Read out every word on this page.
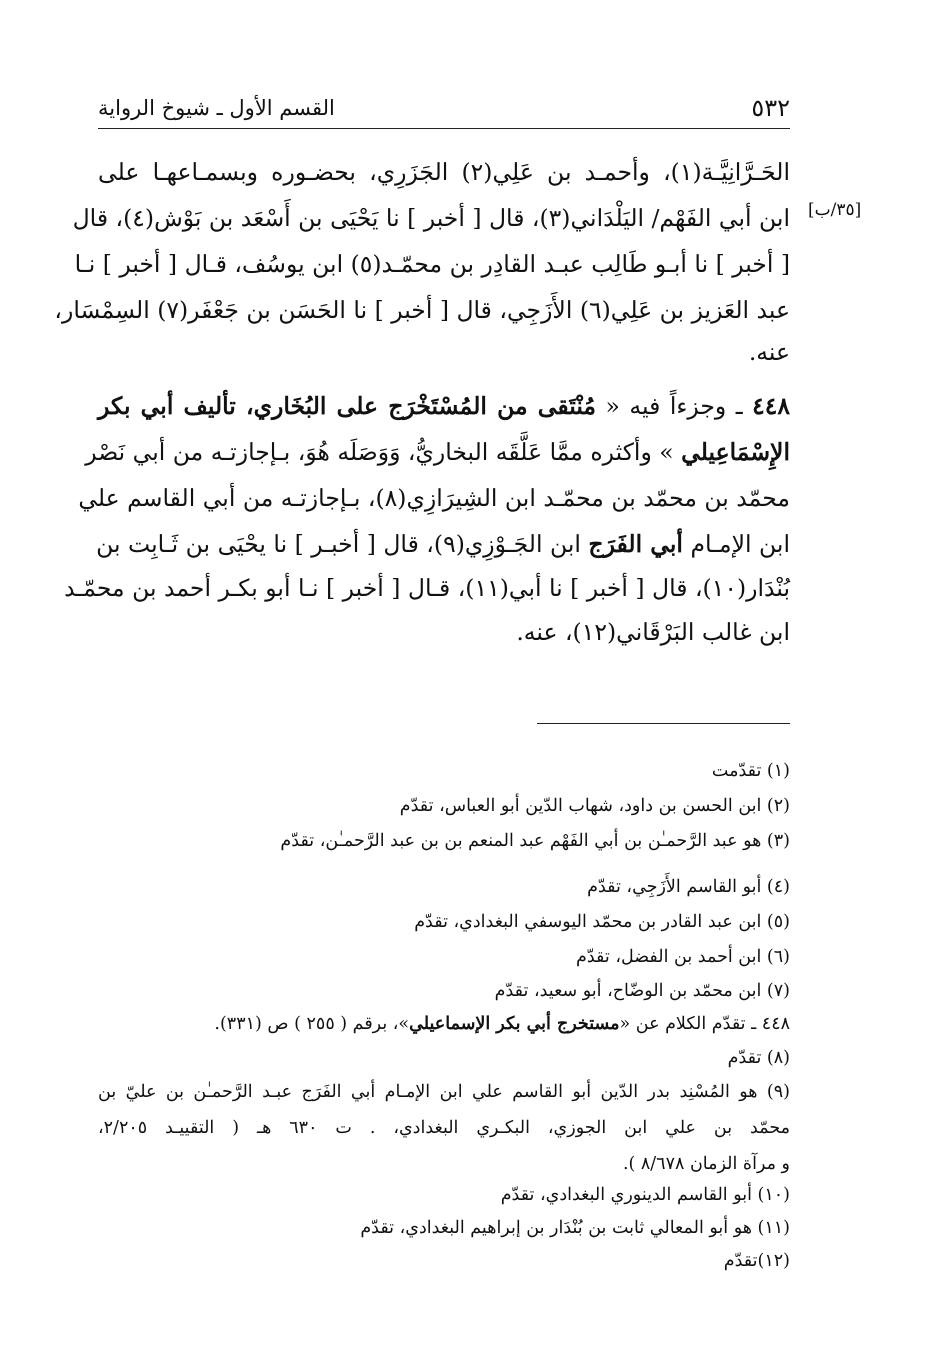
٥٣٢
القسم الأول ـ شيوخ الرواية
[٣٥/ب]
الحَـرَّانِيَّـة(١)، وأحمـد بن عَلِي(٢) الجَزَرِي، بحضـوره وبسمـاعهـا على
ابن أبي الفَهْم/ اليَلْدَاني(٣)، قال [ أخبر ] نا يَحْيَى بن أَسْعَد بن بَوْش(٤)، قال
[ أخبر ] نا أبـو طَالِب عبـد القادِر بن محمّـد(٥) ابن يوسُف، قـال [ أخبر ] نـا
عبد العَزيز بن عَلِي(٦) الأَزَجِي، قال [ أخبر ] نا الحَسَن بن جَعْفَر(٧) السِمْسَار،
عنه.
٤٤٨ ـ وجزءاً فيه « مُنْتَقى من المُسْتَخْرَج على البُخَاري، تأليف أبي بكر
الإِسْمَاعِيلي » وأكثره ممَّا عَلَّقَه البخاريُّ، وَوَصَلَه هُوَ، بـإجازتـه من أبي نَصْر
محمّد بن محمّد بن محمّـد ابن الشِيرَازِي(٨)، بـإجازتـه من أبي القاسم علي
ابن الإمـام أبي الفَرَج ابن الجَـوْزِي(٩)، قال [ أخبـر ] نا يحْيَى بن ثَـابِت بن
بُنْدَار(١٠)، قال [ أخبر ] نا أبي(١١)، قـال [ أخبر ] نـا أبو بكـر أحمد بن محمّـد
ابن غالب البَرْقَاني(١٢)، عنه.
(١) تقدّمت
(٢) ابن الحسن بن داود، شهاب الدّين أبو العباس، تقدّم
(٣) هو عبد الرَّحمـٰن بن أبي الفَهْم عبد المنعم بن بن عبد الرَّحمـٰن، تقدّم
(٤) أبو القاسم الأَزَجِي، تقدّم
(٥) ابن عبد القادر بن محمّد اليوسفي البغدادي، تقدّم
(٦) ابن أحمد بن الفضل، تقدّم
(٧) ابن محمّد بن الوضّاح، أبو سعيد، تقدّم
٤٤٨ ـ تقدّم الكلام عن «مستخرج أبي بكر الإسماعيلي»، برقم ( ٢٥٥ ) ص (٣٣١).
(٨) تقدّم
(٩) هو المُسْنِد بدر الدّين أبو القاسم علي ابن الإمـام أبي الفَرَج عبـد الرَّحمـٰن بن عليّ بن
محمّد بن علي ابن الجوزي، البكـري البغدادي، . ت ٦٣٠ هـ ( التقييـد ٢/٢٠٥،
و مرآة الزمان ٨/٦٧٨ ).
(١٠) أبو القاسم الدينوري البغدادي، تقدّم
(١١) هو أبو المعالي ثابت بن بُنْدَار بن إبراهيم البغدادي، تقدّم
(١٢)تقدّم
